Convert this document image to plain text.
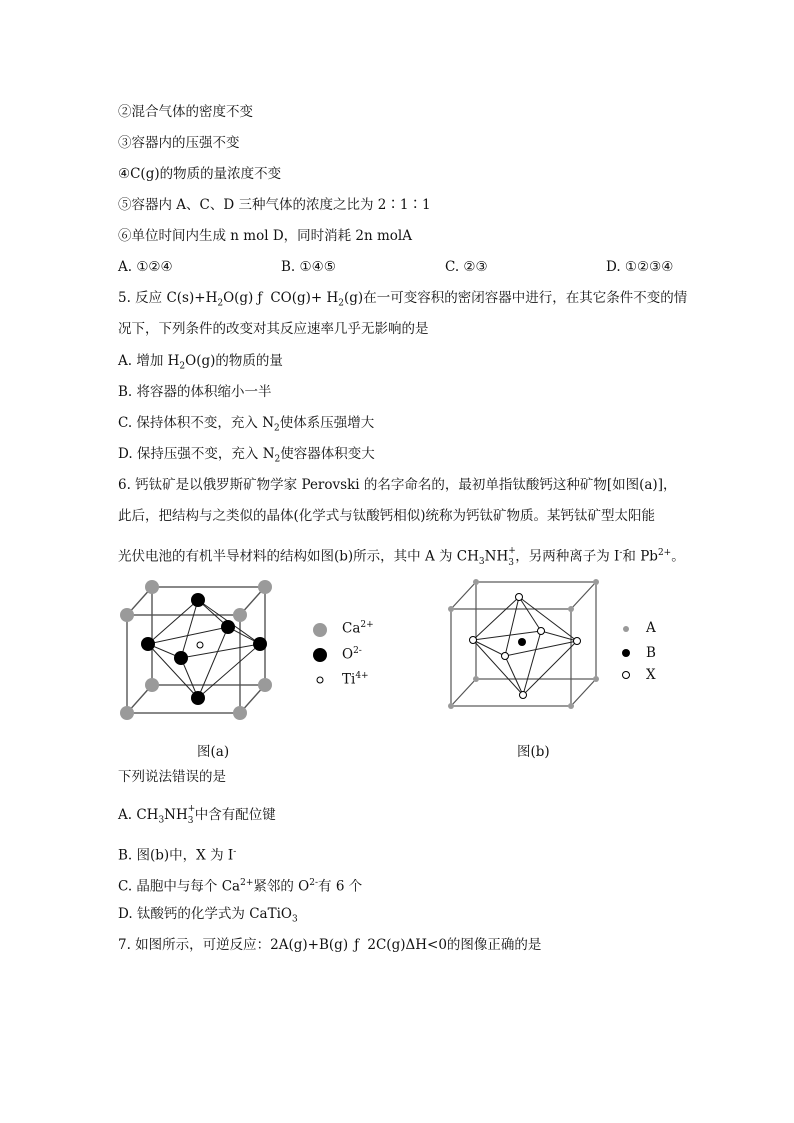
②混合气体的密度不变
③容器内的压强不变
④C(g)的物质的量浓度不变
⑤容器内 A、C、D 三种气体的浓度之比为 2∶1∶1
⑥单位时间内生成 n mol D，同时消耗 2n molA
A. ①②④	B. ①④⑤	C. ②③	D. ①②③④
5. 反应 $C(s)+H_2O(g)$ ƒ $CO(g)+ H_2(g)$在一可变容积的密闭容器中进行，在其它条件不变的情
况下，下列条件的改变对其反应速率几乎无影响的是
A. 增加 $H_2O(g)$的物质的量
B. 将容器的体积缩小一半
C. 保持体积不变，充入 $N_2$使体系压强增大
D. 保持压强不变，充入 $N_2$使容器体积变大
6. 钙钛矿是以俄罗斯矿物学家 Perovski 的名字命名的，最初单指钛酸钙这种矿物[如图(a)]，
此后，把结构与之类似的晶体(化学式与钛酸钙相似)统称为钙钛矿物质。某钙钛矿型太阳能
光伏电池的有机半导材料的结构如图(b)所示，其中 A 为 $CH_3NH$ +
3 ，另两种离子为 I-和 $Pb^{2+}$。
$Ca^{2+}$
$O^{2-}$
$Ti^{4+}$
图(a)
A
B
X
图(b)
下列说法错误的是
A. $CH_3NH$ +
3 中含有配位键
B. 图(b)中，X 为 I-
C. 晶胞中与每个 $Ca^{2+}$紧邻的 $O^{2-}$有 6 个
D. 钛酸钙的化学式为 CaTiO$_3$
7. 如图所示，可逆反应：2A(g)+B(g) ƒ 2C(g)ΔH<0的图像正确的是
